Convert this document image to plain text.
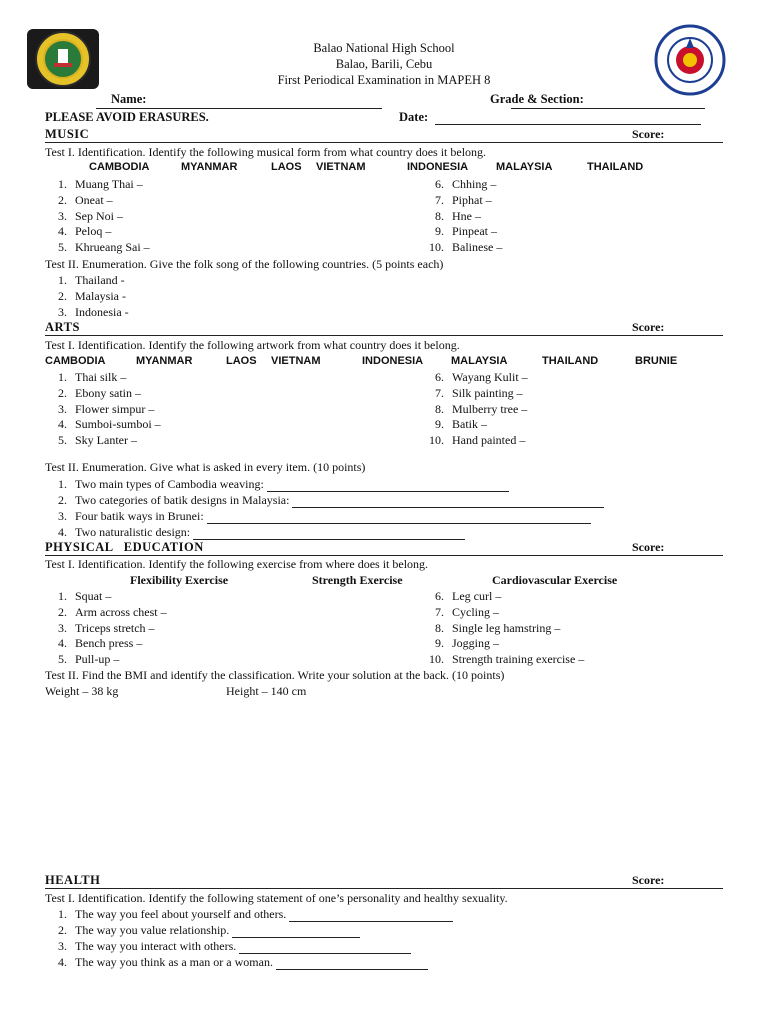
Balao National High School
Balao, Barili, Cebu
First Periodical Examination in MAPEH 8
Name:	Grade & Section:
PLEASE AVOID ERASURES.	Date:
MUSIC	Score:
Test I. Identification. Identify the following musical form from what country does it belong.
CAMBODIA	MYANMAR	LAOS VIETNAM	INDONESIA	MALAYSIA	THAILAND
1. Muang Thai –
2. Oneat –
3. Sep Noi –
4. Peloq –
5. Khrueang Sai –
6. Chhing –
7. Piphat –
8. Hne –
9. Pinpeat –
10. Balinese –
Test II. Enumeration. Give the folk song of the following countries. (5 points each)
1. Thailand -
2. Malaysia -
3. Indonesia -
ARTS	Score:
Test I. Identification. Identify the following artwork from what country does it belong.
CAMBODIA	MYANMAR	LAOS VIETNAM	INDONESIA	MALAYSIA	THAILAND	BRUNIE
1. Thai silk –
2. Ebony satin –
3. Flower simpur –
4. Sumboi-sumboi –
5. Sky Lanter –
6. Wayang Kulit –
7. Silk painting –
8. Mulberry tree –
9. Batik –
10. Hand painted –
Test II. Enumeration. Give what is asked in every item. (10 points)
1. Two main types of Cambodia weaving:
2. Two categories of batik designs in Malaysia:
3. Four batik ways in Brunei:
4. Two naturalistic design:
PHYSICAL   EDUCATION	Score:
Test I. Identification. Identify the following exercise from where does it belong.
Flexibility Exercise	Strength Exercise	Cardiovascular Exercise
1. Squat –
2. Arm across chest –
3. Triceps stretch –
4. Bench press –
5. Pull-up –
6. Leg curl –
7. Cycling –
8. Single leg hamstring –
9. Jogging –
10. Strength training exercise –
Test II. Find the BMI and identify the classification. Write your solution at the back. (10 points)
Weight – 38 kg	Height – 140 cm
HEALTH	Score:
Test I. Identification. Identify the following statement of one’s personality and healthy sexuality.
1. The way you feel about yourself and others.
2. The way you value relationship.
3. The way you interact with others.
4. The way you think as a man or a woman.
